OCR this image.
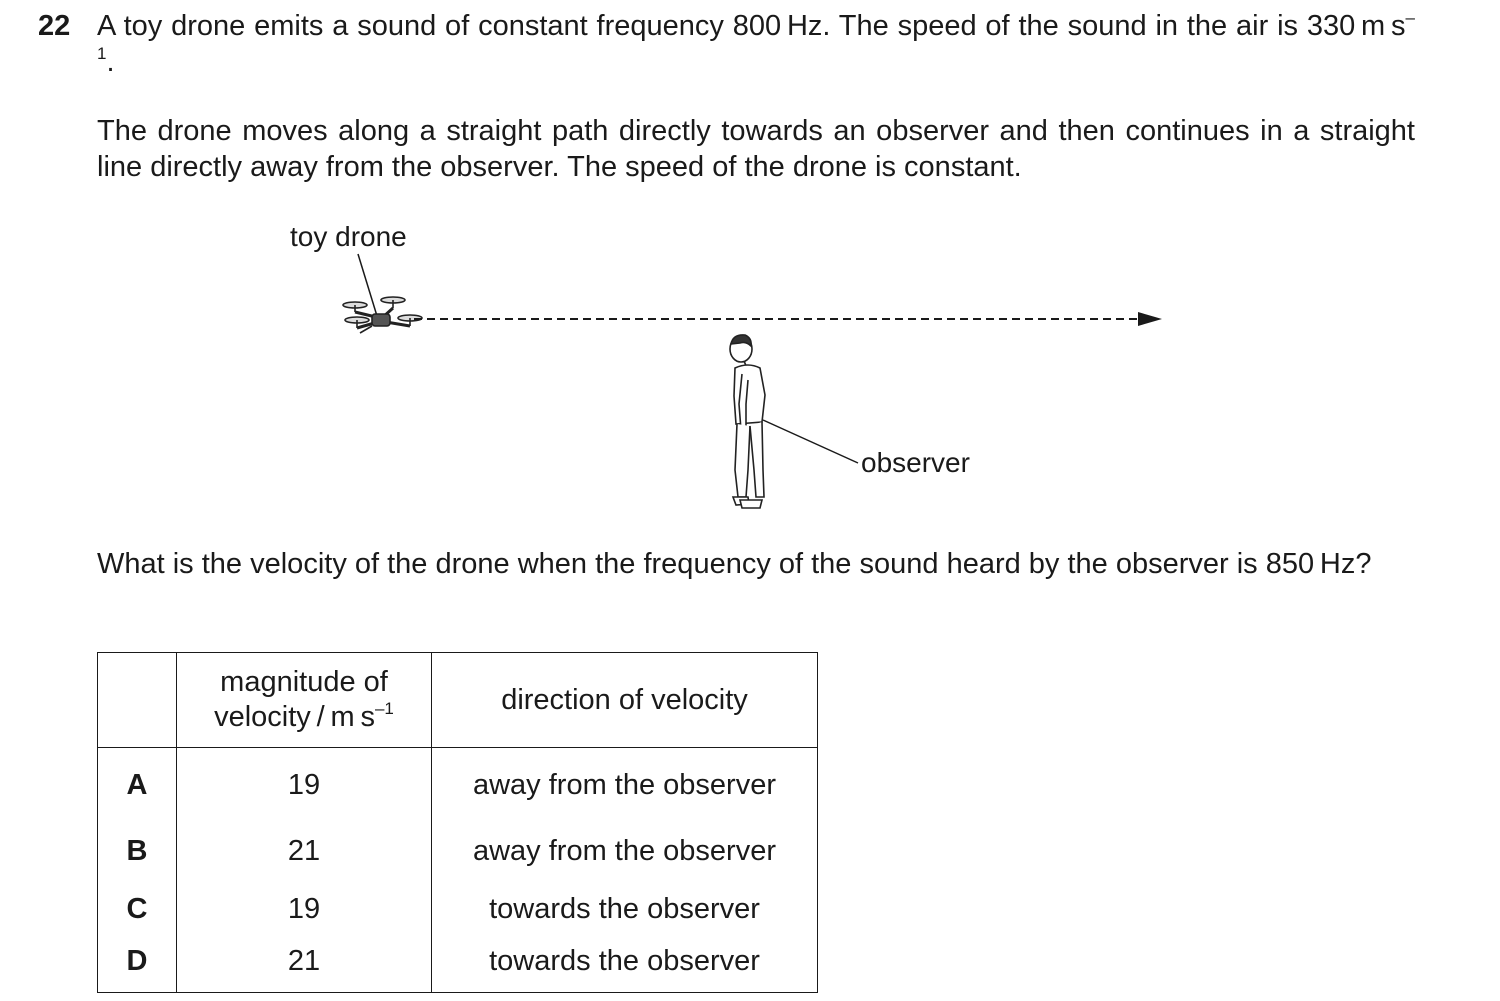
22 A toy drone emits a sound of constant frequency 800 Hz. The speed of the sound in the air is 330 m $s^{-1}$.
The drone moves along a straight path directly towards an observer and then continues in a straight line directly away from the observer. The speed of the drone is constant.
toy drone
observer
What is the velocity of the drone when the frequency of the sound heard by the observer is 850 Hz?

	magnitude of
velocity / m $s^{-1}$	direction of velocity
A	19	away from the observer
B	21	away from the observer
C	19	towards the observer
D	21	towards the observer
